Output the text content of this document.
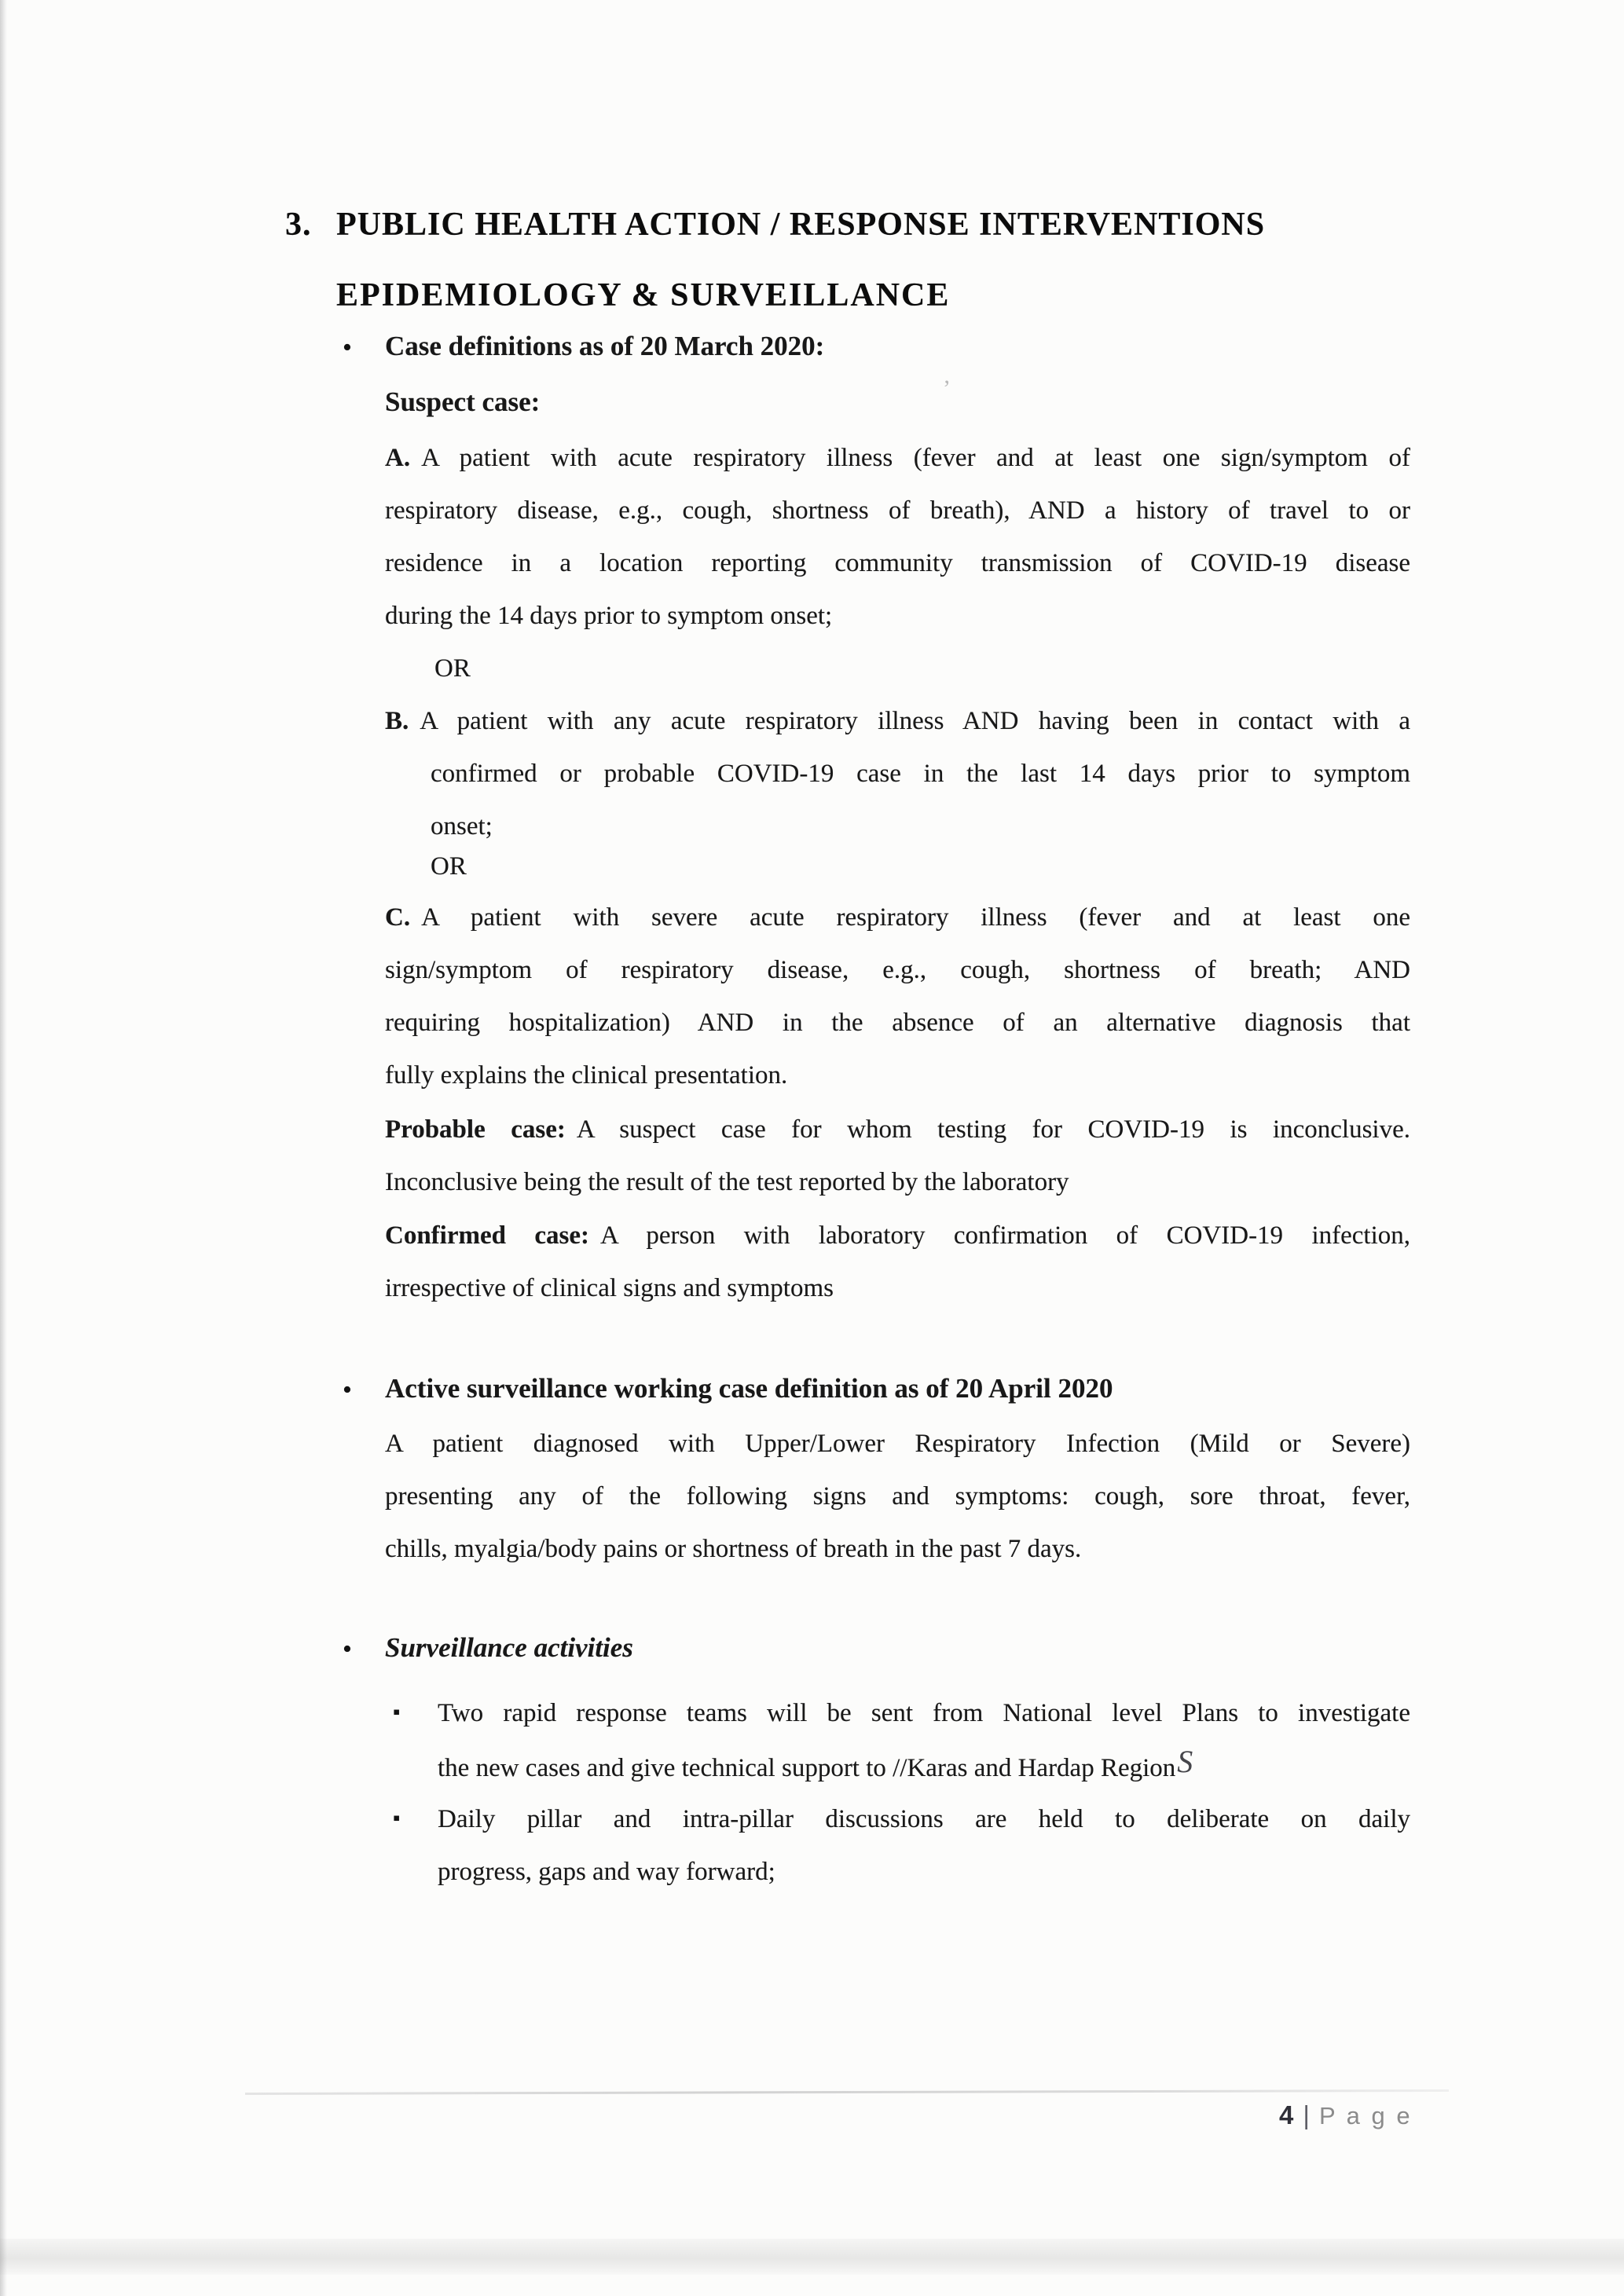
3. PUBLIC HEALTH ACTION / RESPONSE INTERVENTIONS
EPIDEMIOLOGY & SURVEILLANCE
• Case definitions as of 20 March 2020:
Suspect case:	’
A. A patient with acute respiratory illness (fever and at least one sign/symptom of
respiratory disease, e.g., cough, shortness of breath), AND a history of travel to or
residence in a location reporting community transmission of COVID-19 disease
during the 14 days prior to symptom onset;
OR
B. A patient with any acute respiratory illness AND having been in contact with a
confirmed or probable COVID-19 case in the last 14 days prior to symptom
onset;
OR
C. A patient with severe acute respiratory illness (fever and at least one
sign/symptom of respiratory disease, e.g., cough, shortness of breath; AND
requiring hospitalization) AND in the absence of an alternative diagnosis that
fully explains the clinical presentation.
Probable case: A suspect case for whom testing for COVID-19 is inconclusive.
Inconclusive being the result of the test reported by the laboratory
Confirmed case: A person with laboratory confirmation of COVID-19 infection,
irrespective of clinical signs and symptoms
• Active surveillance working case definition as of 20 April 2020
A patient diagnosed with Upper/Lower Respiratory Infection (Mild or Severe)
presenting any of the following signs and symptoms: cough, sore throat, fever,
chills, myalgia/body pains or shortness of breath in the past 7 days.
• Surveillance activities
▪ Two rapid response teams will be sent from National level Plans to investigate
the new cases and give technical support to //Karas and Hardap RegionS
▪ Daily pillar and intra-pillar discussions are held to deliberate on daily
progress, gaps and way forward;
4 | P a g e
